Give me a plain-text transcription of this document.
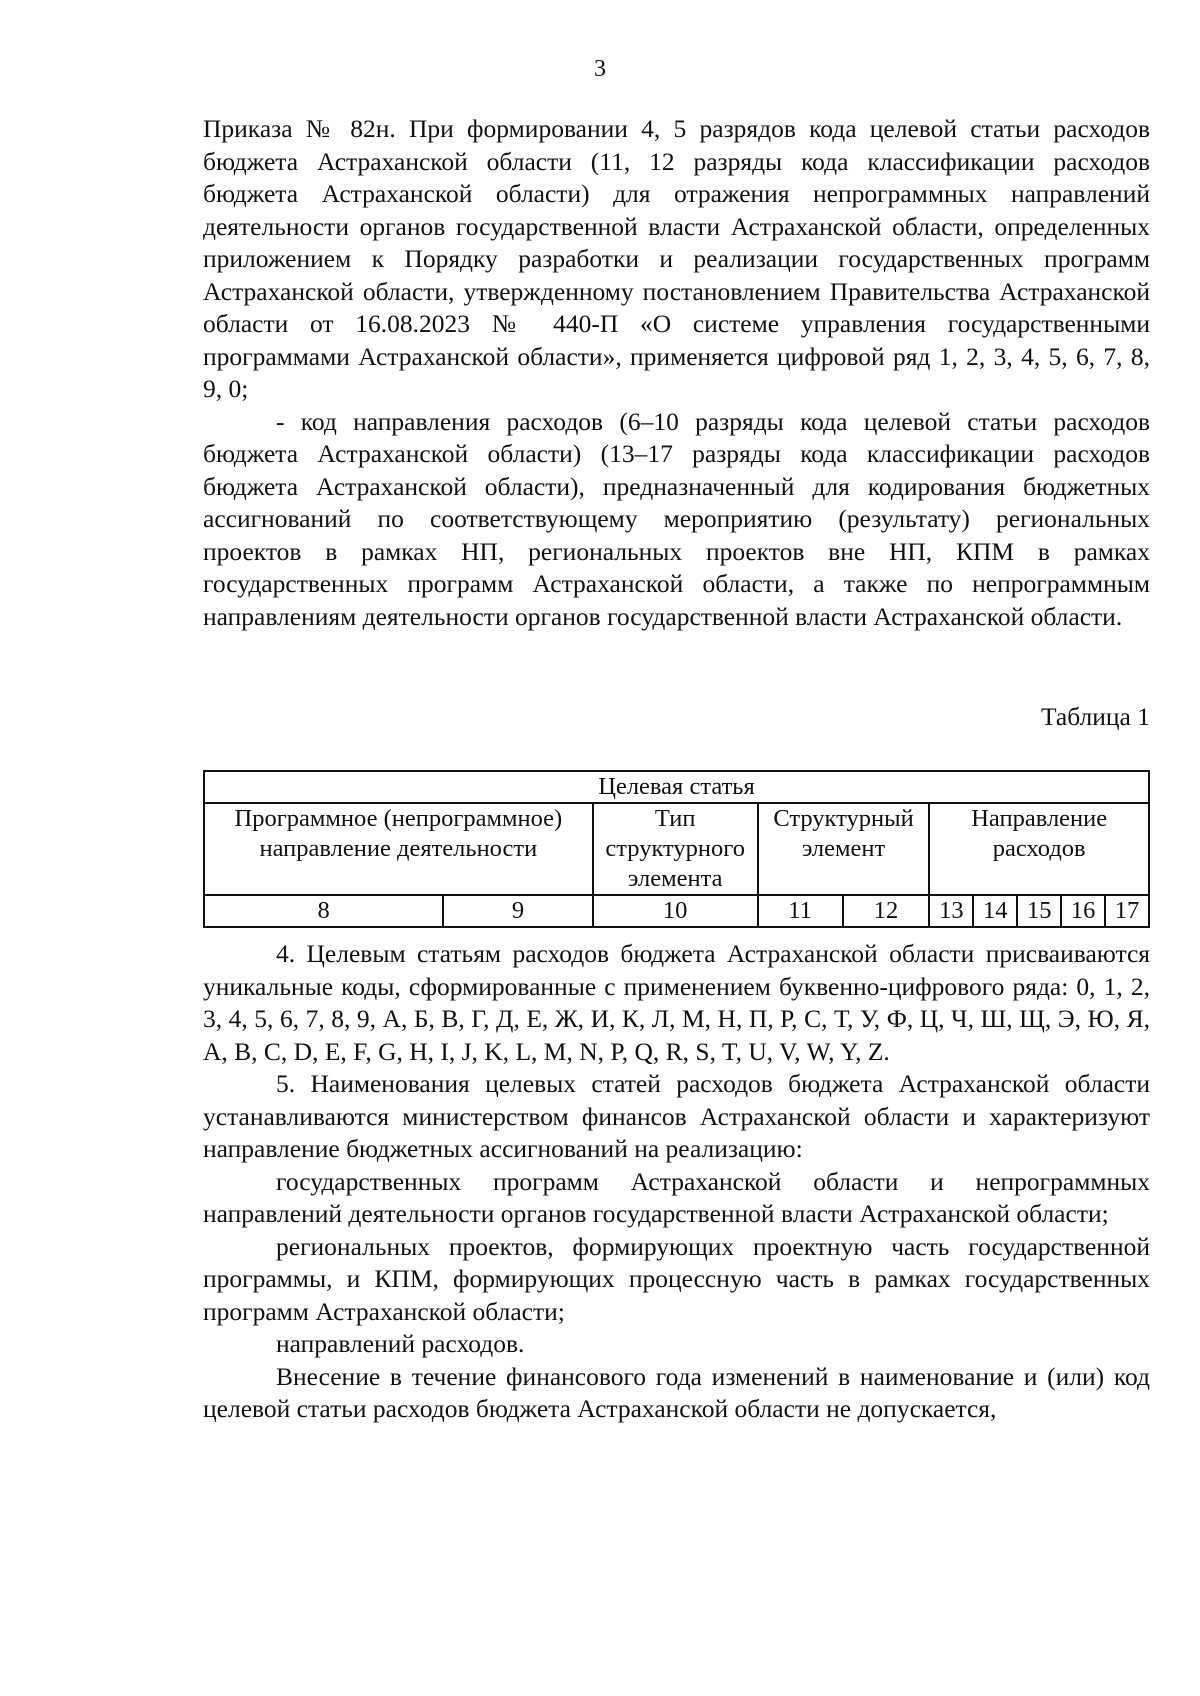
3

Приказа № 82н. При формировании 4, 5 разрядов кода целевой статьи расходов бюджета Астраханской области (11, 12 разряды кода классификации расходов бюджета Астраханской области) для отражения непрограммных направлений деятельности органов государственной власти Астраханской области, определенных приложением к Порядку разработки и реализации государственных программ Астраханской области, утвержденному постановлением Правительства Астраханской области от 16.08.2023 № 440-П «О системе управления государственными программами Астраханской области», применяется цифровой ряд 1, 2, 3, 4, 5, 6, 7, 8, 9, 0;

- код направления расходов (6–10 разряды кода целевой статьи расходов бюджета Астраханской области) (13–17 разряды кода классификации расходов бюджета Астраханской области), предназначенный для кодирования бюджетных ассигнований по соответствующему мероприятию (результату) региональных проектов в рамках НП, региональных проектов вне НП, КПМ в рамках государственных программ Астраханской области, а также по непрограммным направлениям деятельности органов государственной власти Астраханской области.

Таблица 1
Целевая статья									
Программное (непрограммное)		Тип	Структурный		Направление				
направление деятельности		структурного	элемент		расходов				
		элемента							
8	9	10	11	12	13	14	15	16	17

4. Целевым статьям расходов бюджета Астраханской области присваиваются уникальные коды, сформированные с применением буквенно-цифрового ряда: 0, 1, 2, 3, 4, 5, 6, 7, 8, 9, А, Б, В, Г, Д, Е, Ж, И, К, Л, М, Н, П, Р, С, Т, У, Ф, Ц, Ч, Ш, Щ, Э, Ю, Я, A, B, C, D, E, F, G, H, I, J, K, L, M, N, P, Q, R, S, T, U, V, W, Y, Z.

5. Наименования целевых статей расходов бюджета Астраханской области устанавливаются министерством финансов Астраханской области и характеризуют направление бюджетных ассигнований на реализацию:

государственных программ Астраханской области и непрограммных направлений деятельности органов государственной власти Астраханской области;

региональных проектов, формирующих проектную часть государственной программы, и КПМ, формирующих процессную часть в рамках государственных программ Астраханской области;

направлений расходов.

Внесение в течение финансового года изменений в наименование и (или) код целевой статьи расходов бюджета Астраханской области не допускается,
